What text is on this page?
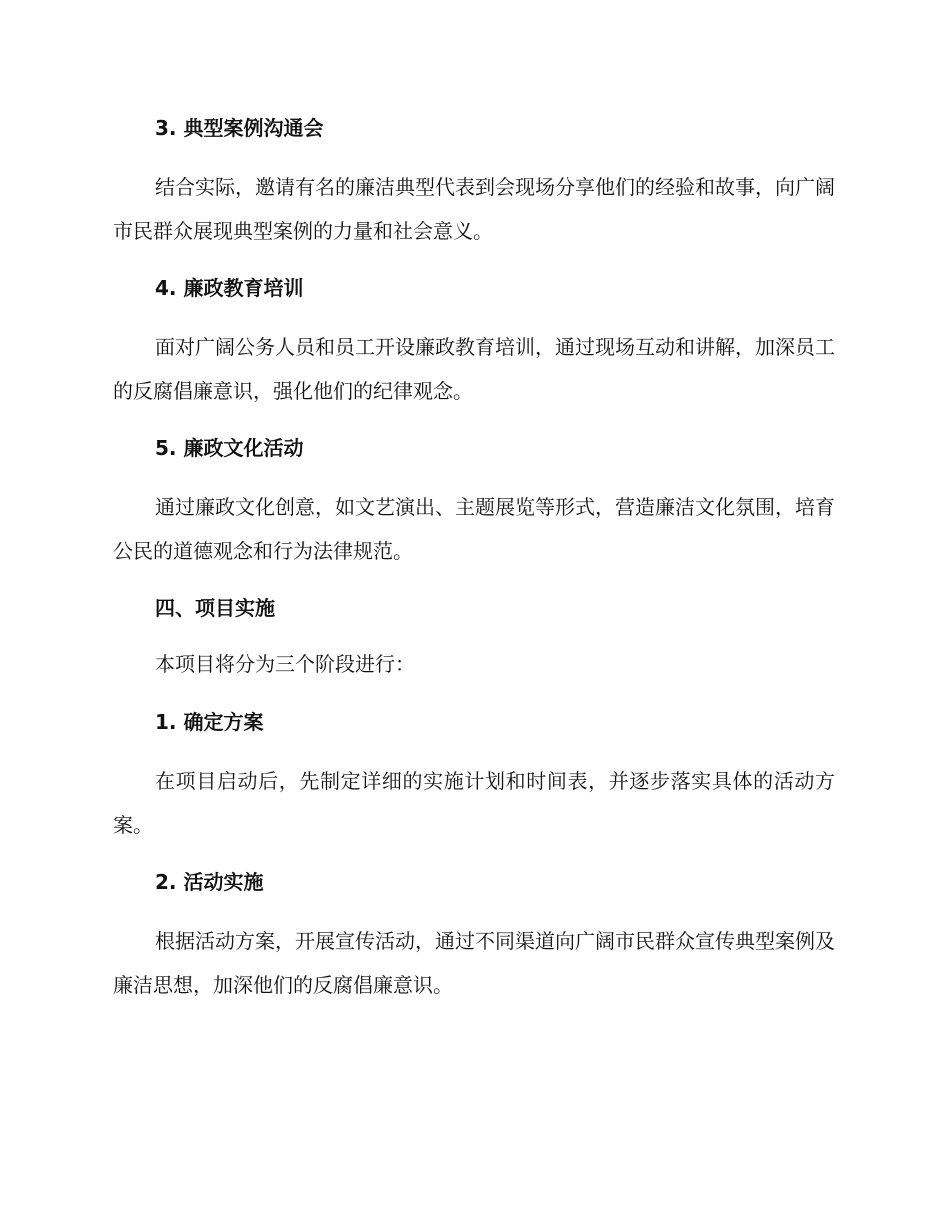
3. 典型案例沟通会
结合实际，邀请有名的廉洁典型代表到会现场分享他们的经验和故事，向广阔市民群众展现典型案例的力量和社会意义。
4. 廉政教育培训
面对广阔公务人员和员工开设廉政教育培训，通过现场互动和讲解，加深员工的反腐倡廉意识，强化他们的纪律观念。
5. 廉政文化活动
通过廉政文化创意，如文艺演出、主题展览等形式，营造廉洁文化氛围，培育公民的道德观念和行为法律规范。
四、项目实施
本项目将分为三个阶段进行：
1. 确定方案
在项目启动后，先制定详细的实施计划和时间表，并逐步落实具体的活动方案。
2. 活动实施
根据活动方案，开展宣传活动，通过不同渠道向广阔市民群众宣传典型案例及廉洁思想，加深他们的反腐倡廉意识。
